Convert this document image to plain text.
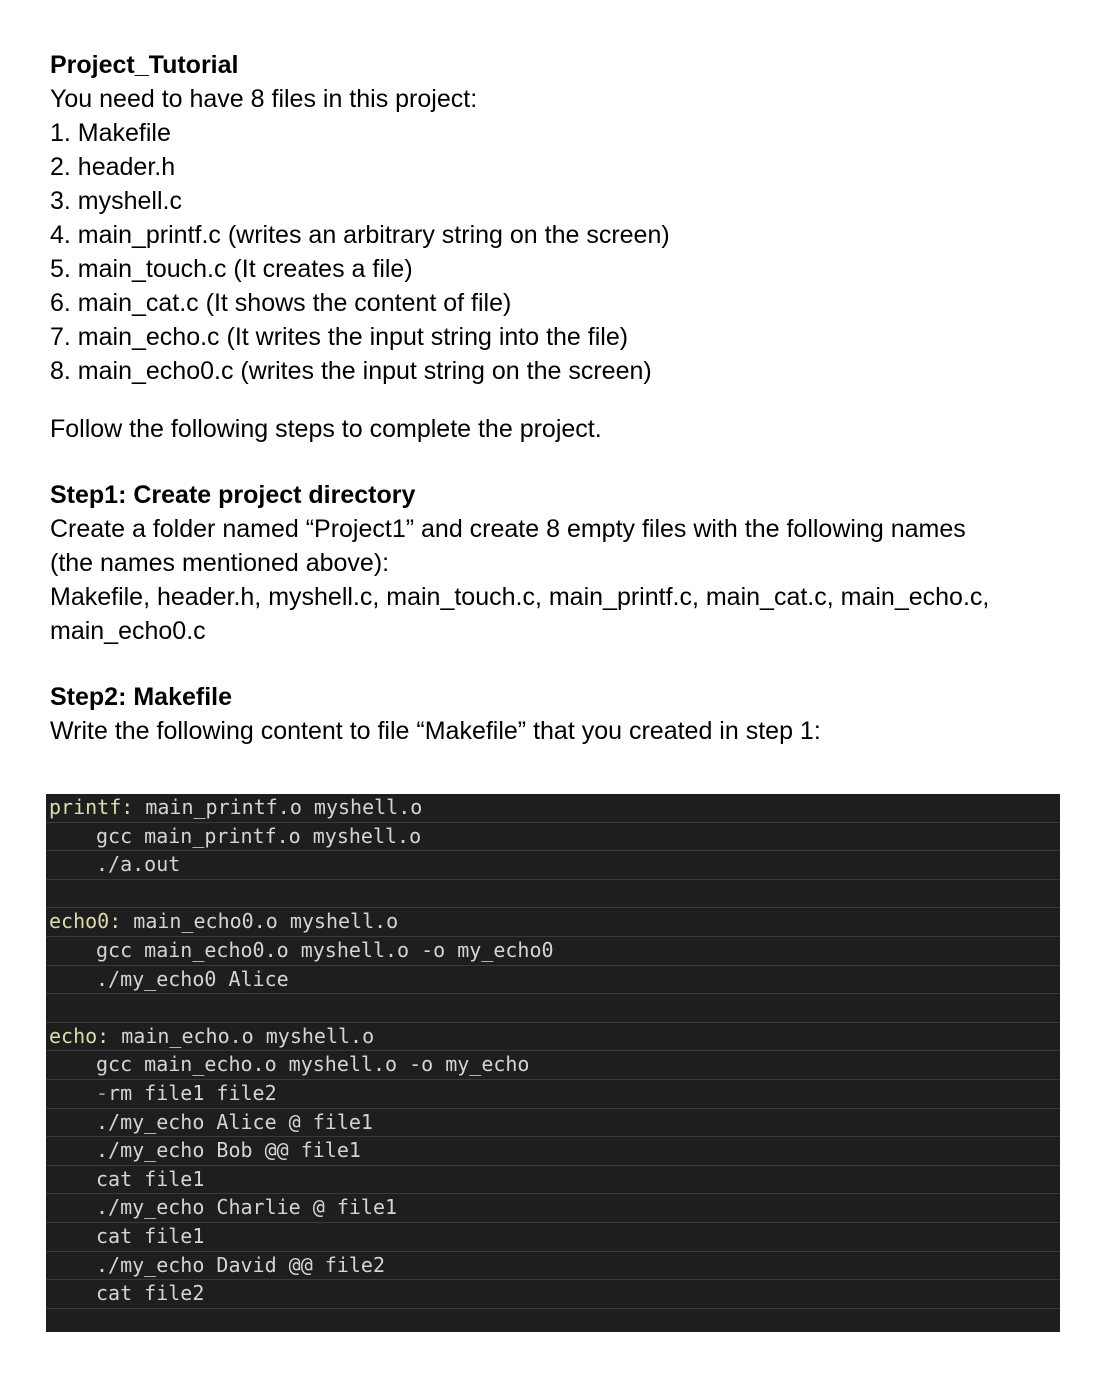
Project_Tutorial
You need to have 8 files in this project:
1. Makefile
2. header.h
3. myshell.c
4. main_printf.c (writes an arbitrary string on the screen)
5. main_touch.c (It creates a file)
6. main_cat.c (It shows the content of file)
7. main_echo.c (It writes the input string into the file)
8. main_echo0.c (writes the input string on the screen)
Follow the following steps to complete the project.
Step1: Create project directory
Create a folder named “Project1” and create 8 empty files with the following names
(the names mentioned above):
Makefile, header.h, myshell.c, main_touch.c, main_printf.c, main_cat.c, main_echo.c,
main_echo0.c
Step2: Makefile
Write the following content to file “Makefile” that you created in step 1:
printf: main_printf.o myshell.o
gcc main_printf.o myshell.o
./a.out
echo0: main_echo0.o myshell.o
gcc main_echo0.o myshell.o -o my_echo0
./my_echo0 Alice
echo: main_echo.o myshell.o
gcc main_echo.o myshell.o -o my_echo
-rm file1 file2
./my_echo Alice @ file1
./my_echo Bob @@ file1
cat file1
./my_echo Charlie @ file1
cat file1
./my_echo David @@ file2
cat file2
